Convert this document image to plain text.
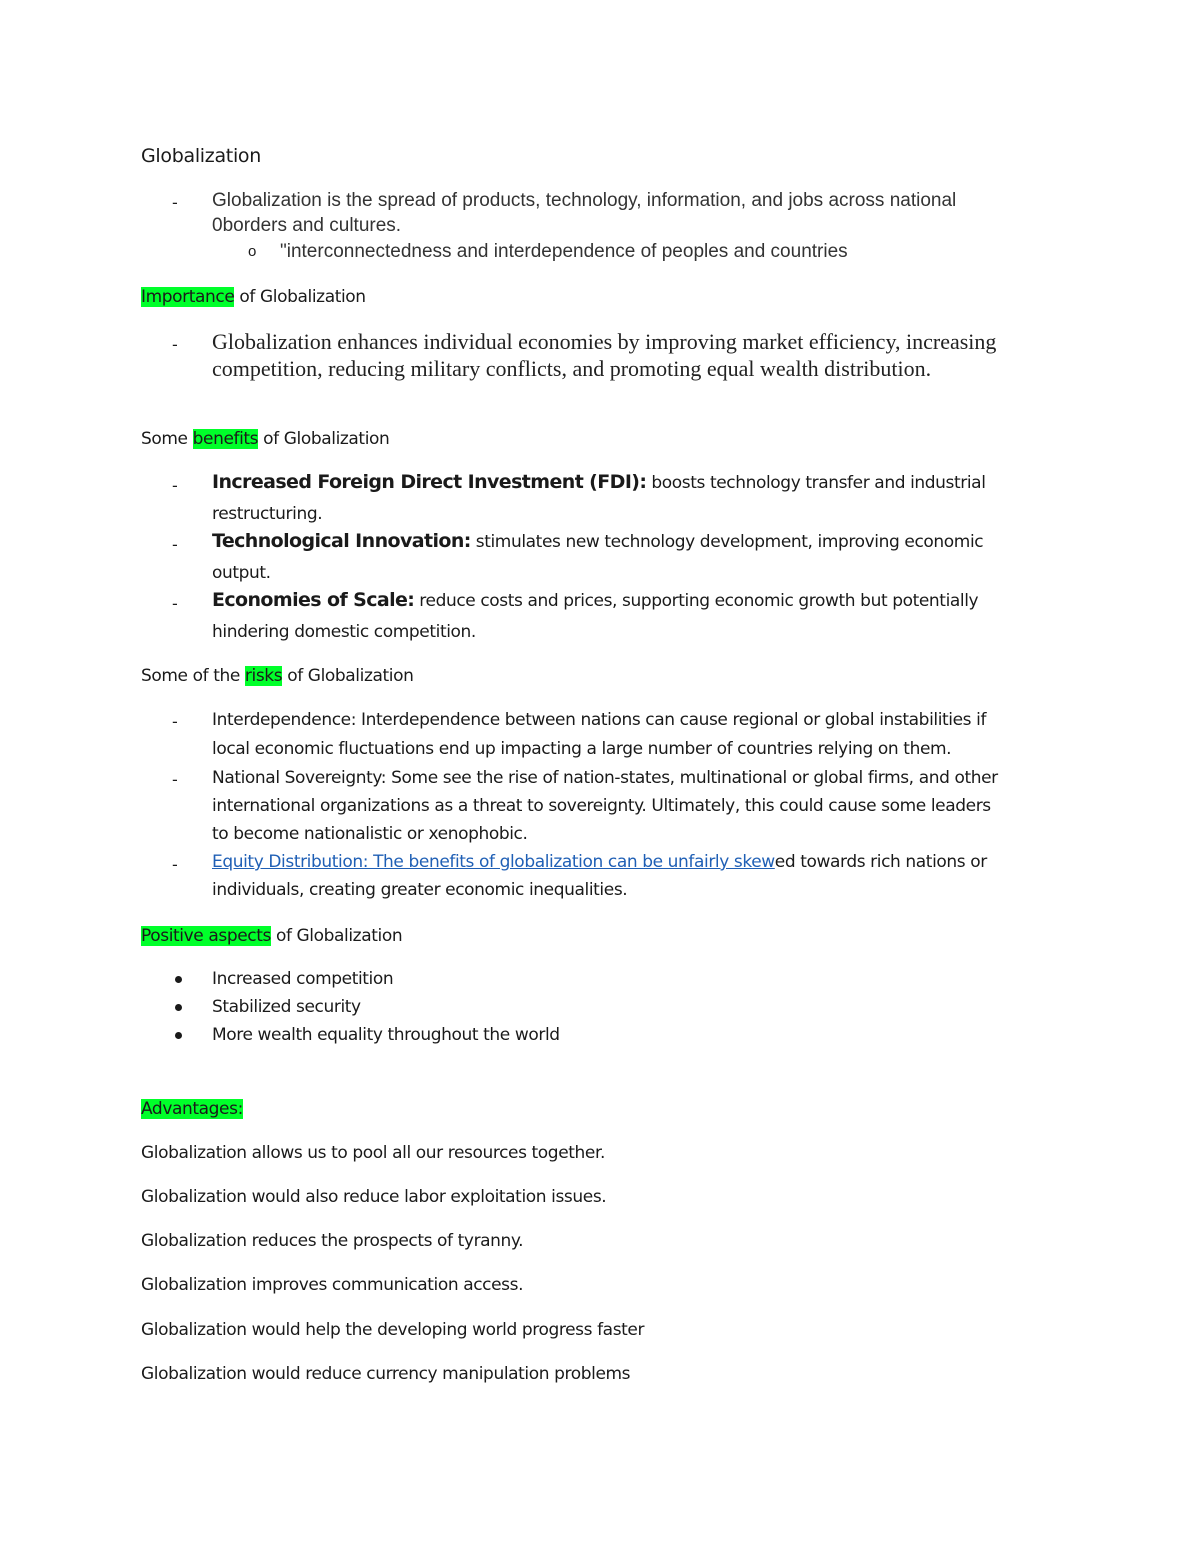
Globalization
- Globalization is the spread of products, technology, information, and jobs across national
0borders and cultures.
o "interconnectedness and interdependence of peoples and countries
Importance of Globalization
- Globalization enhances individual economies by improving market efficiency, increasing
competition, reducing military conflicts, and promoting equal wealth distribution.
Some benefits of Globalization
- Increased Foreign Direct Investment (FDI): boosts technology transfer and industrial
restructuring.
- Technological Innovation: stimulates new technology development, improving economic
output.
- Economies of Scale: reduce costs and prices, supporting economic growth but potentially
hindering domestic competition.
Some of the risks of Globalization
- Interdependence: Interdependence between nations can cause regional or global instabilities if
local economic fluctuations end up impacting a large number of countries relying on them.
- National Sovereignty: Some see the rise of nation-states, multinational or global firms, and other
international organizations as a threat to sovereignty. Ultimately, this could cause some leaders
to become nationalistic or xenophobic.
- Equity Distribution: The benefits of globalization can be unfairly skewed towards rich nations or
individuals, creating greater economic inequalities.
Positive aspects of Globalization
Increased competition
Stabilized security
More wealth equality throughout the world
Advantages:
Globalization allows us to pool all our resources together.
Globalization would also reduce labor exploitation issues.
Globalization reduces the prospects of tyranny.
Globalization improves communication access.
Globalization would help the developing world progress faster
Globalization would reduce currency manipulation problems
